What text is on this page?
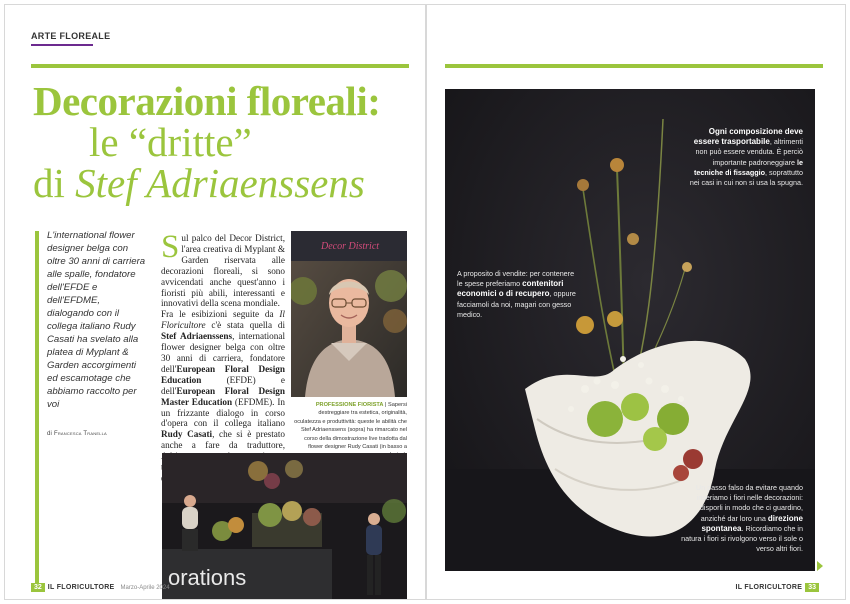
ARTE FLOREALE
Decorazioni floreali:
le “dritte”
di Stef Adriaenssens
L'international flower designer belga con oltre 30 anni di carriera alle spalle, fondatore dell'EFDE e dell'EFDME, dialogando con il collega italiano Rudy Casati ha svelato alla platea di Myplant & Garden accorgimenti ed escamotage che abbiamo raccolto per voi
di Francesca Tranella

Sul palco del Decor District, l'area creativa di Myplant & Garden riservata alle decorazioni floreali, si sono avvicendati anche quest'anno i fioristi più abili, interessanti e innovativi della scena mondiale.

Fra le esibizioni seguite da Il Floricultore c'è stata quella di Stef Adriaenssens, international flower designer belga con oltre 30 anni di carriera, fondatore dell'European Floral Design Education (EFDE) e dell'European Floral Design Master Education (EFDME). In un frizzante dialogo in corso d'opera con il collega italiano Rudy Casati, che si è prestato anche a fare da traduttore,

Decor District
PROFESSIONE FIORISTA | Sapersi destreggiare tra estetica, originalità, oculatezza e produttività: queste le abilità che Stef Adriaenssens (sopra) ha rimarcato nel corso della dimostrazione live tradotta dal flower designer Rudy Casati (in basso a
orations
32 IL FLORICULTORE Marzo-Aprile 2024
Ogni composizione deve essere trasportabile, altrimenti non può essere venduta. È perciò importante padroneggiare le tecniche di fissaggio, soprattutto nei casi in cui non si usa la spugna.
A proposito di vendite: per contenere le spese preferiamo contenitori economici o di recupero, oppure facciamoli da noi, magari con gesso medico.
Un passo falso da evitare quando inseriamo i fiori nelle decorazioni: disporli in modo che ci guardino, anziché dar loro una direzione spontanea. Ricordiamo che in natura i fiori si rivolgono verso il sole o verso altri fiori.
IL FLORICULTORE 33
